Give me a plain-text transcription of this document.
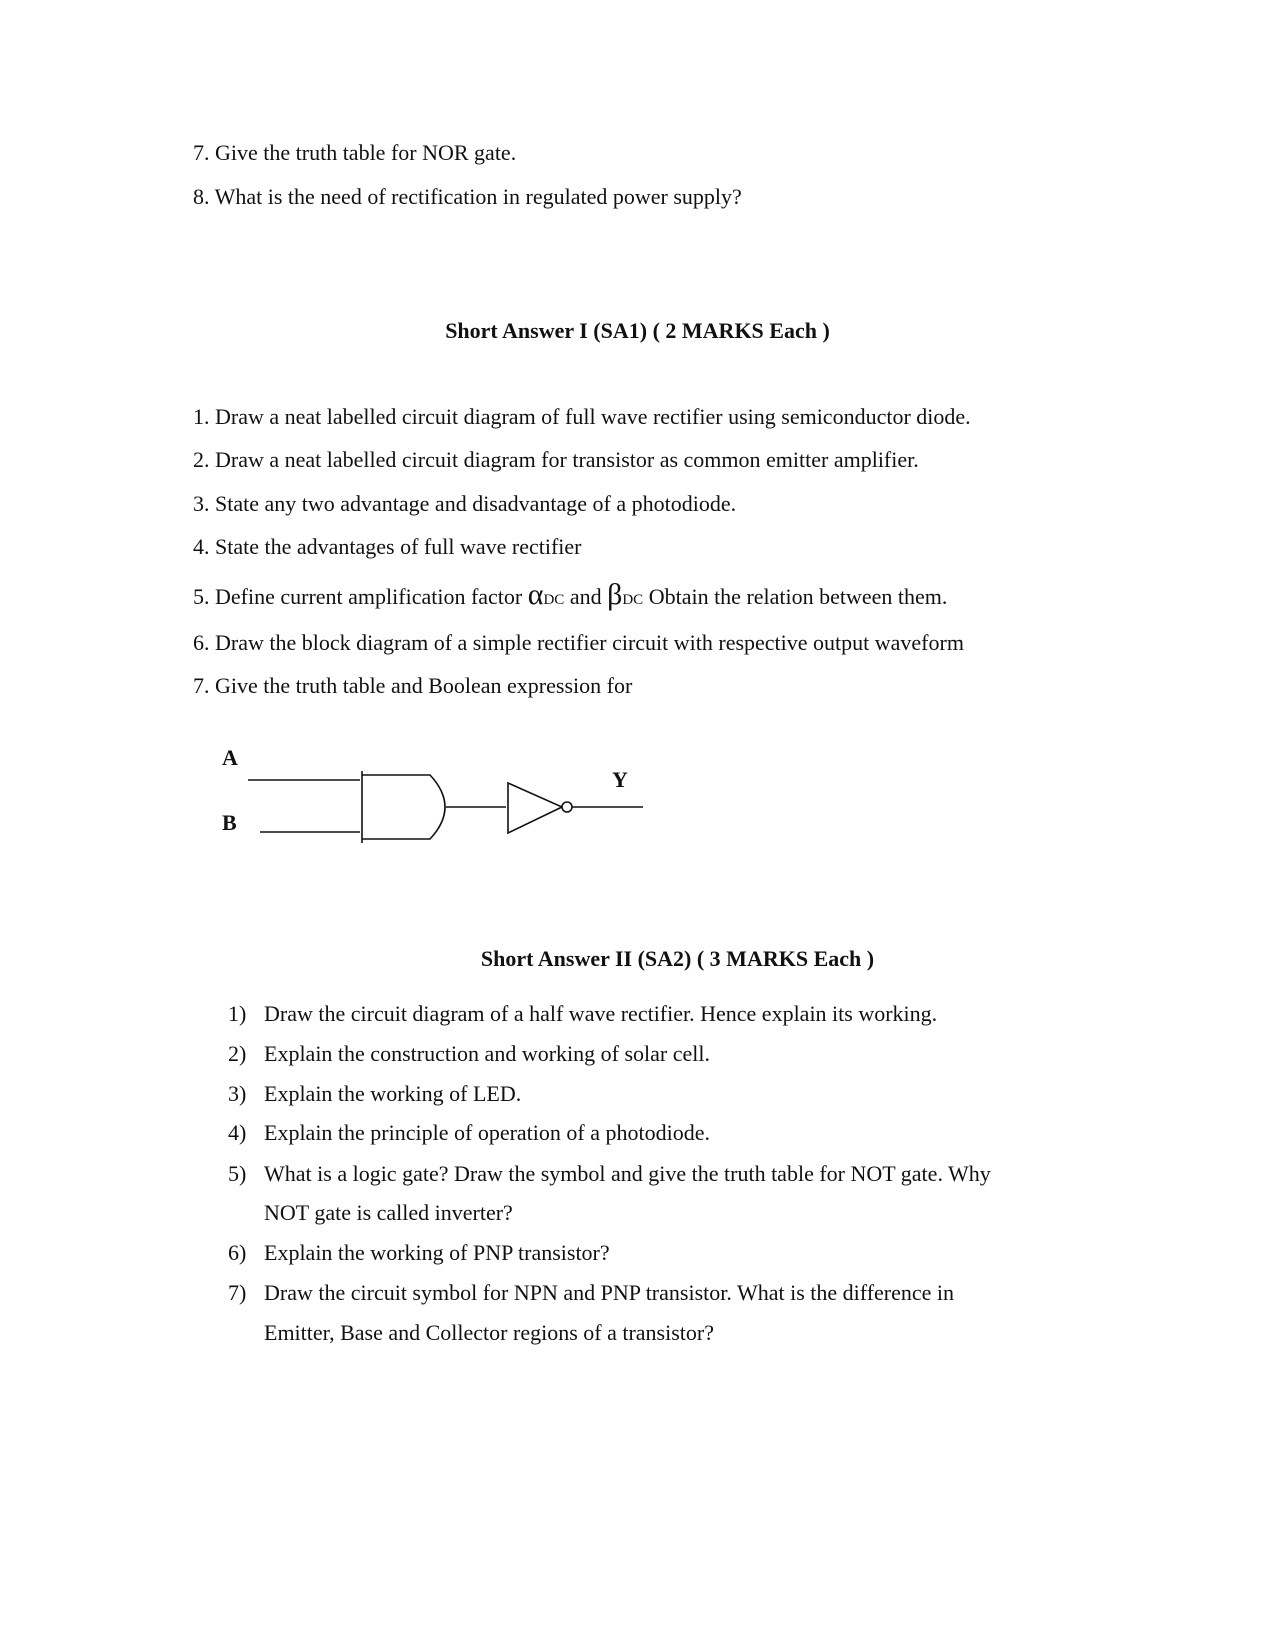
7. Give the truth table for NOR gate.
8. What is the need of rectification in regulated power supply?
Short Answer I (SA1) ( 2 MARKS Each )
1. Draw a neat labelled circuit diagram of full wave rectifier using semiconductor diode.
2. Draw a neat labelled circuit diagram for transistor as common emitter amplifier.
3. State any two advantage and disadvantage of a photodiode.
4. State the advantages of full wave rectifier
5. Define current amplification factor αDC and βDC Obtain the relation between them.
6. Draw the block diagram of a simple rectifier circuit with respective output waveform
7. Give the truth table and Boolean expression for
A
B
Y
Short Answer II (SA2) ( 3 MARKS Each )
1) Draw the circuit diagram of a half wave rectifier. Hence explain its working.
2) Explain the construction and working of solar cell.
3) Explain the working of LED.
4) Explain the principle of operation of a photodiode.
5) What is a logic gate? Draw the symbol and give the truth table for NOT gate. Why
NOT gate is called inverter?
6) Explain the working of PNP transistor?
7) Draw the circuit symbol for NPN and PNP transistor. What is the difference in
Emitter, Base and Collector regions of a transistor?
